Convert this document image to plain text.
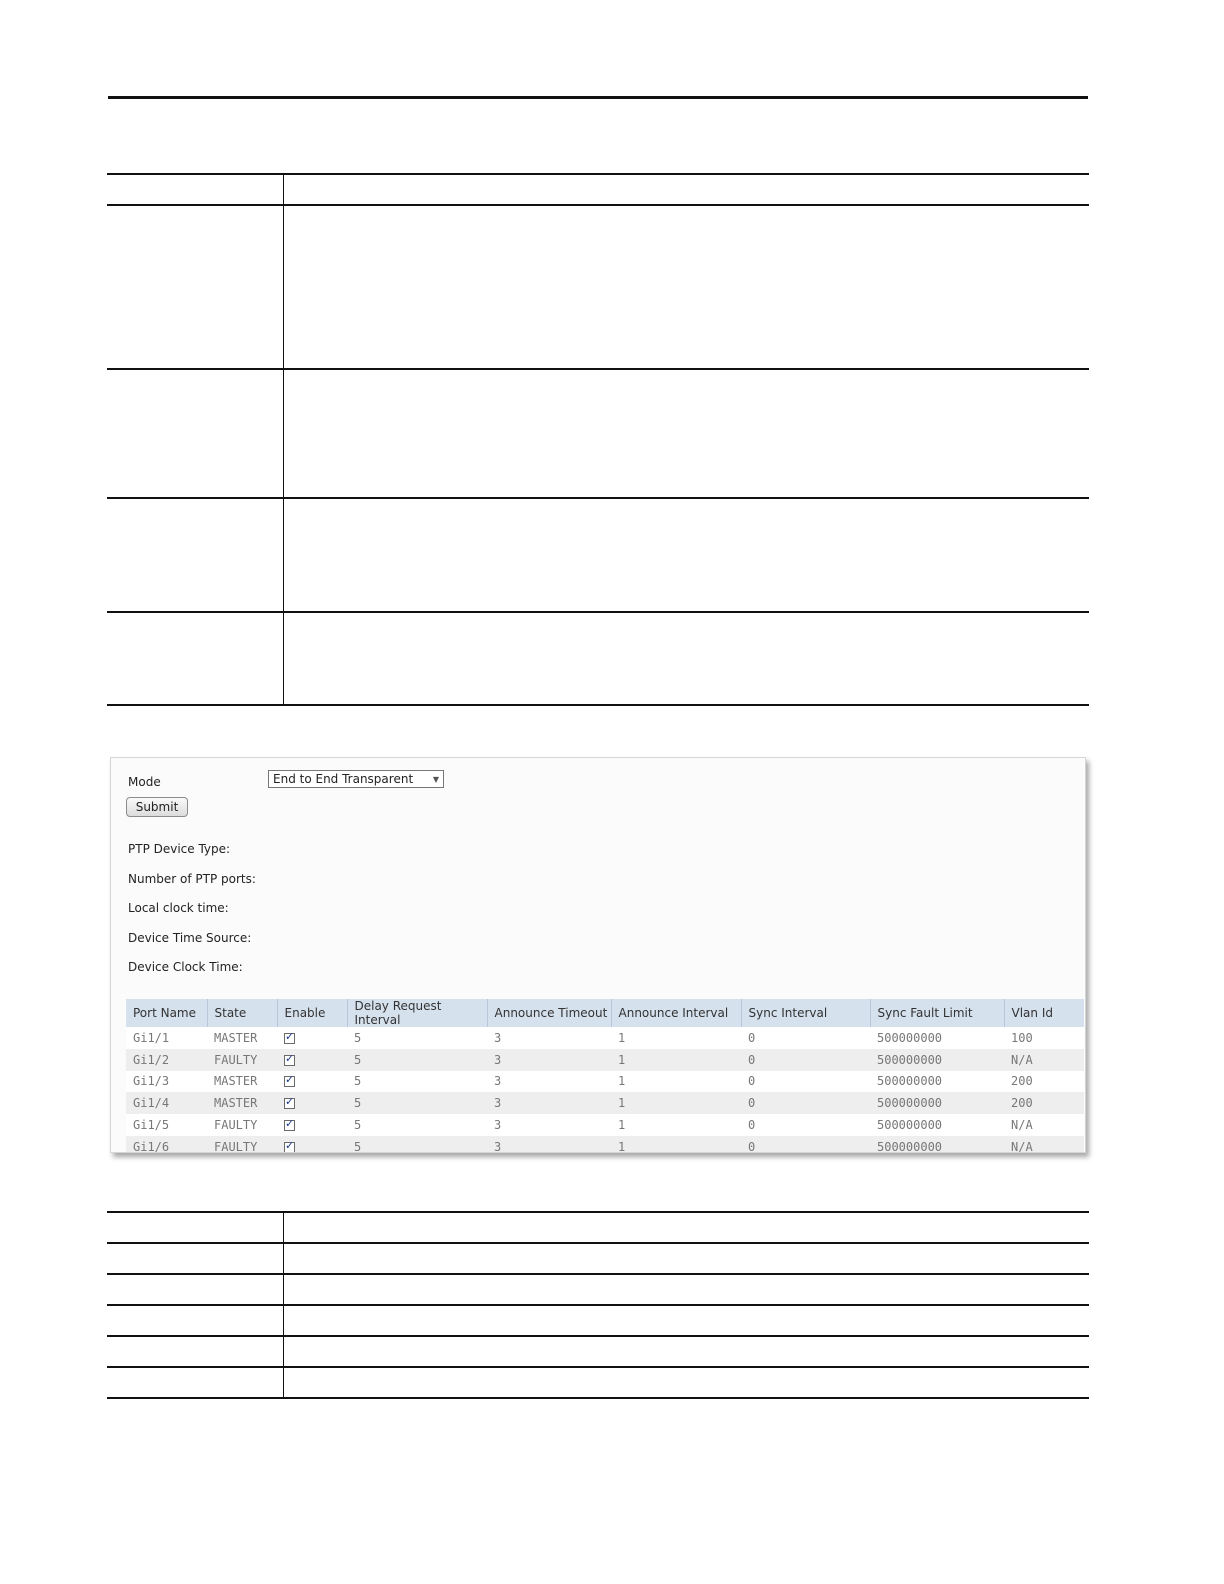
Mode	End to End Transparent ▼
Submit
PTP Device Type:
Number of PTP ports:
Local clock time:
Device Time Source:
Device Clock Time:
Port Name	State	Enable	Delay Request Interval	Announce Timeout	Announce Interval	Sync Interval	Sync Fault Limit	Vlan Id
Gi1/1	MASTER	✓	5	3	1	0	500000000	100
Gi1/2	FAULTY	✓	5	3	1	0	500000000	N/A
Gi1/3	MASTER	✓	5	3	1	0	500000000	200
Gi1/4	MASTER	✓	5	3	1	0	500000000	200
Gi1/5	FAULTY	✓	5	3	1	0	500000000	N/A
Gi1/6	FAULTY	✓	5	3	1	0	500000000	N/A
